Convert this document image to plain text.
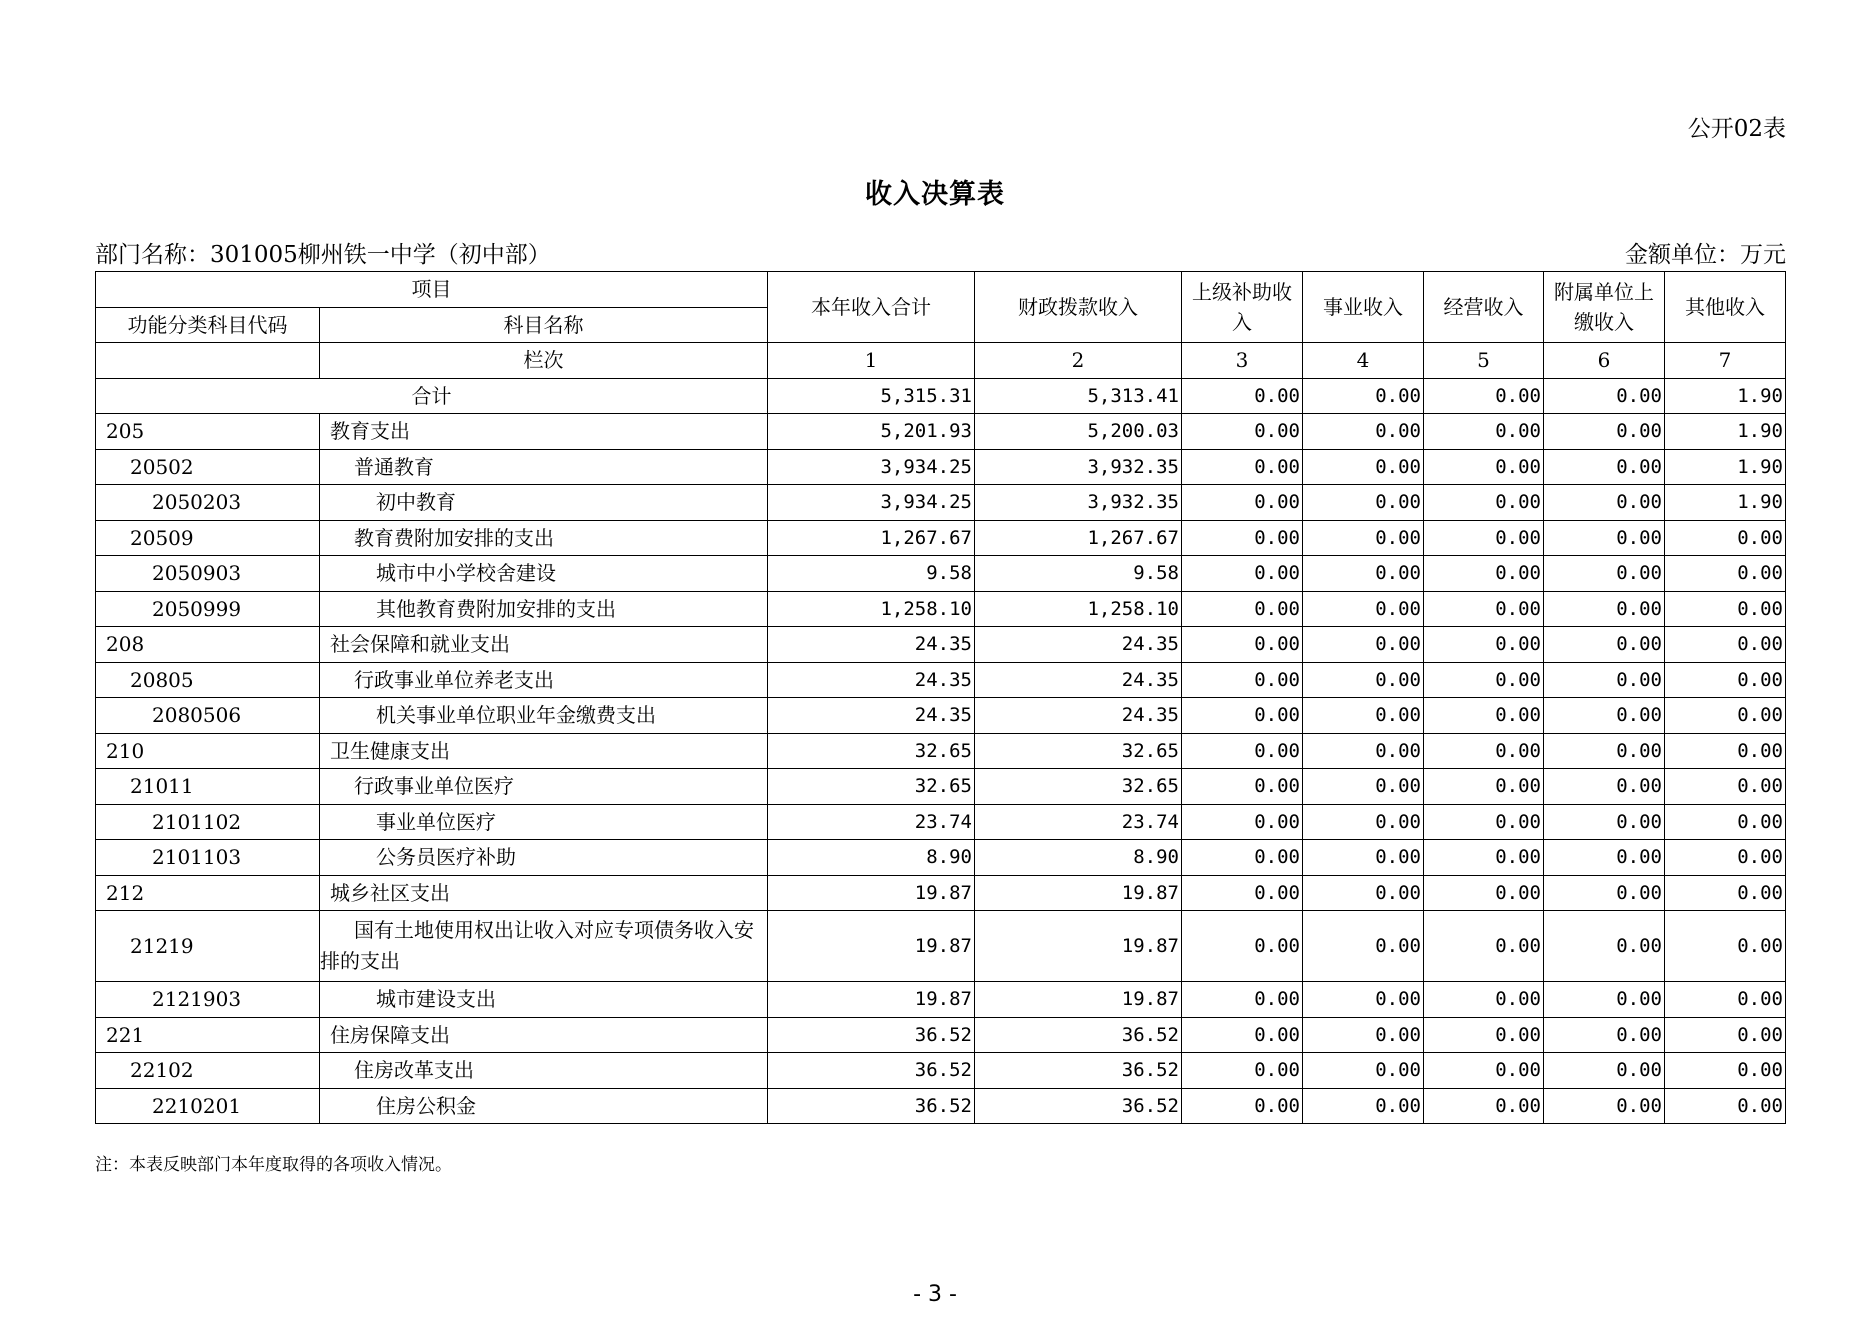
公开02表
收入决算表
部门名称：301005柳州铁一中学（初中部）	金额单位：万元
项目		本年收入合计	财政拨款收入	上级补助收入	事业收入	经营收入	附属单位上缴收入	其他收入
功能分类科目代码	科目名称							
	栏次	1	2	3	4	5	6	7
合计		5,315.31	5,313.41	0.00	0.00	0.00	0.00	1.90
205	教育支出	5,201.93	5,200.03	0.00	0.00	0.00	0.00	1.90
20502	普通教育	3,934.25	3,932.35	0.00	0.00	0.00	0.00	1.90
2050203	初中教育	3,934.25	3,932.35	0.00	0.00	0.00	0.00	1.90
20509	教育费附加安排的支出	1,267.67	1,267.67	0.00	0.00	0.00	0.00	0.00
2050903	城市中小学校舍建设	9.58	9.58	0.00	0.00	0.00	0.00	0.00
2050999	其他教育费附加安排的支出	1,258.10	1,258.10	0.00	0.00	0.00	0.00	0.00
208	社会保障和就业支出	24.35	24.35	0.00	0.00	0.00	0.00	0.00
20805	行政事业单位养老支出	24.35	24.35	0.00	0.00	0.00	0.00	0.00
2080506	机关事业单位职业年金缴费支出	24.35	24.35	0.00	0.00	0.00	0.00	0.00
210	卫生健康支出	32.65	32.65	0.00	0.00	0.00	0.00	0.00
21011	行政事业单位医疗	32.65	32.65	0.00	0.00	0.00	0.00	0.00
2101102	事业单位医疗	23.74	23.74	0.00	0.00	0.00	0.00	0.00
2101103	公务员医疗补助	8.90	8.90	0.00	0.00	0.00	0.00	0.00
212	城乡社区支出	19.87	19.87	0.00	0.00	0.00	0.00	0.00
21219	国有土地使用权出让收入对应专项债务收入安排的支出	19.87	19.87	0.00	0.00	0.00	0.00	0.00
2121903	城市建设支出	19.87	19.87	0.00	0.00	0.00	0.00	0.00
221	住房保障支出	36.52	36.52	0.00	0.00	0.00	0.00	0.00
22102	住房改革支出	36.52	36.52	0.00	0.00	0.00	0.00	0.00
2210201	住房公积金	36.52	36.52	0.00	0.00	0.00	0.00	0.00
注：本表反映部门本年度取得的各项收入情况。
- 3 -
